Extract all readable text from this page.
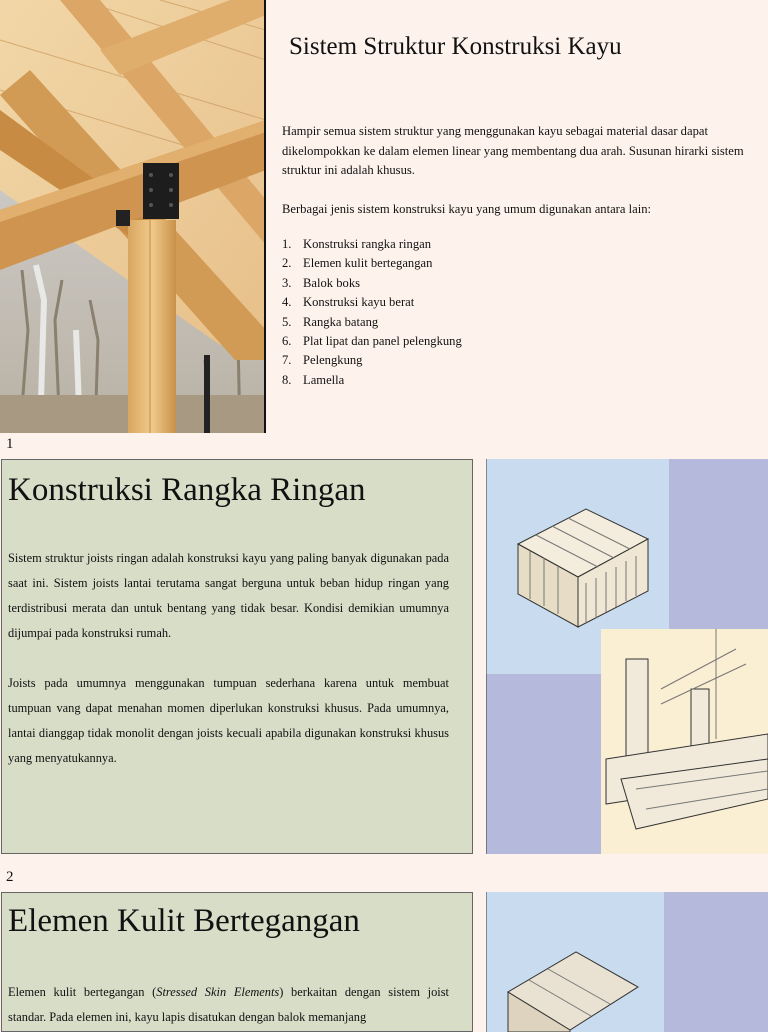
Sistem Struktur Konstruksi Kayu

Hampir semua sistem struktur yang menggunakan kayu sebagai material dasar dapat dikelompokkan ke dalam elemen linear yang membentang dua arah. Susunan hirarki sistem struktur ini adalah khusus.

Berbagai jenis sistem konstruksi kayu yang umum digunakan antara lain:

1. Konstruksi rangka ringan
2. Elemen kulit bertegangan
3. Balok boks
4. Konstruksi kayu berat
5. Rangka batang
6. Plat lipat dan panel pelengkung
7. Pelengkung
8. Lamella
1
Konstruksi Rangka Ringan

Sistem struktur joists ringan adalah konstruksi kayu yang paling banyak digunakan pada saat ini. Sistem joists lantai terutama sangat berguna untuk beban hidup ringan yang terdistribusi merata dan untuk bentang yang tidak besar. Kondisi demikian umumnya dijumpai pada konstruksi rumah.

Joists pada umumnya menggunakan tumpuan sederhana karena untuk membuat tumpuan vang dapat menahan momen diperlukan konstruksi khusus. Pada umumnya, lantai dianggap tidak monolit dengan joists kecuali apabila digunakan konstruksi khusus yang menyatukannya.

2
Elemen Kulit Bertegangan

Elemen kulit bertegangan (Stressed Skin Elements) berkaitan dengan sistem joist standar. Pada elemen ini, kayu lapis disatukan dengan balok memanjang
